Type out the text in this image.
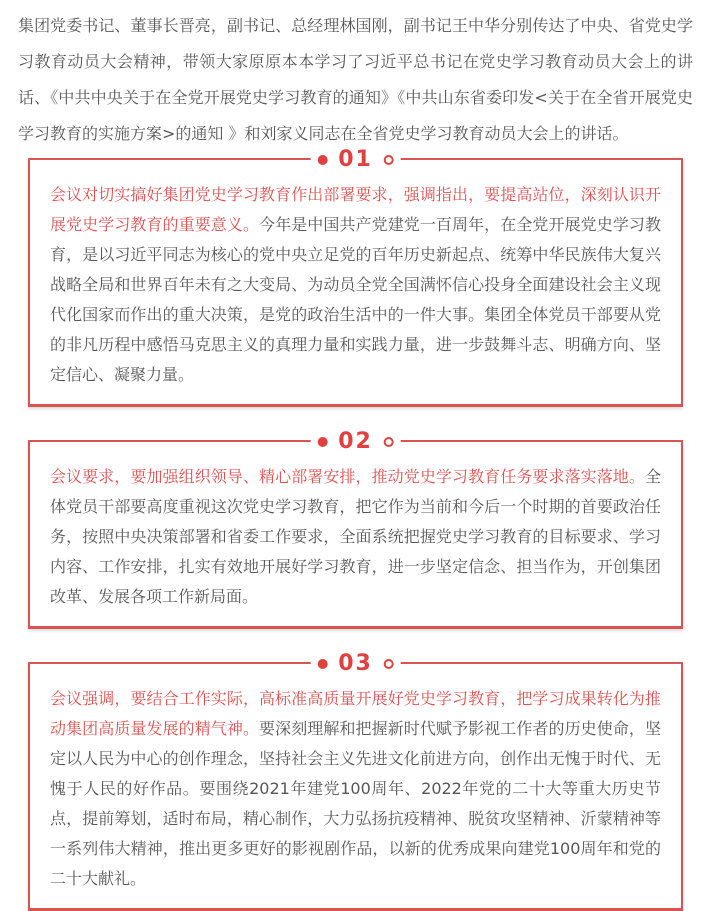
集团党委书记、董事长晋亮，副书记、总经理林国刚，副书记王中华分别传达了中央、省党史学习教育动员大会精神，带领大家原原本本学习了习近平总书记在党史学习教育动员大会上的讲话、《中共中央关于在全党开展党史学习教育的通知》《中共山东省委印发<关于在全省开展党史学习教育的实施方案>的通知 》和刘家义同志在全省党史学习教育动员大会上的讲话。

01

会议对切实搞好集团党史学习教育作出部署要求，强调指出，要提高站位，深刻认识开展党史学习教育的重要意义。今年是中国共产党建党一百周年，在全党开展党史学习教育，是以习近平同志为核心的党中央立足党的百年历史新起点、统筹中华民族伟大复兴战略全局和世界百年未有之大变局、为动员全党全国满怀信心投身全面建设社会主义现代化国家而作出的重大决策，是党的政治生活中的一件大事。集团全体党员干部要从党的非凡历程中感悟马克思主义的真理力量和实践力量，进一步鼓舞斗志、明确方向、坚定信心、凝聚力量。

02

会议要求，要加强组织领导、精心部署安排，推动党史学习教育任务要求落实落地。全体党员干部要高度重视这次党史学习教育，把它作为当前和今后一个时期的首要政治任务，按照中央决策部署和省委工作要求，全面系统把握党史学习教育的目标要求、学习内容、工作安排，扎实有效地开展好学习教育，进一步坚定信念、担当作为，开创集团改革、发展各项工作新局面。

03

会议强调，要结合工作实际，高标准高质量开展好党史学习教育，把学习成果转化为推动集团高质量发展的精气神。要深刻理解和把握新时代赋予影视工作者的历史使命，坚定以人民为中心的创作理念，坚持社会主义先进文化前进方向，创作出无愧于时代、无愧于人民的好作品。要围绕2021年建党100周年、2022年党的二十大等重大历史节点，提前筹划，适时布局，精心制作，大力弘扬抗疫精神、脱贫攻坚精神、沂蒙精神等一系列伟大精神，推出更多更好的影视剧作品，以新的优秀成果向建党100周年和党的二十大献礼。
